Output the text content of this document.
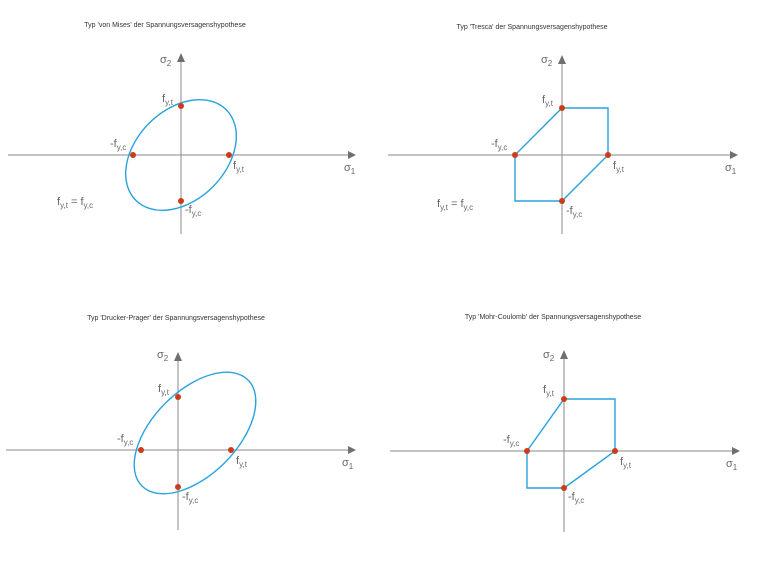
Typ 'von Mises' der Spannungsversagenshypothese
$\sigma_1$
$\sigma_2$
$f_{y,t}$
$f_{y,t}$
$-f_{y,c}$
$-f_{y,c}$
$f_{y,t} = f_{y,c}$
Typ 'Tresca' der Spannungsversagenshypothese
$\sigma_1$
$\sigma_2$
$f_{y,t}$
$f_{y,t}$
$-f_{y,c}$
$-f_{y,c}$
$f_{y,t} = f_{y,c}$
Typ 'Drucker-Prager' der Spannungsversagenshypothese
$\sigma_1$
$\sigma_2$
$f_{y,t}$
$f_{y,t}$
$-f_{y,c}$
$-f_{y,c}$
Typ 'Mohr-Coulomb' der Spannungsversagenshypothese
$\sigma_1$
$\sigma_2$
$f_{y,t}$
$f_{y,t}$
$-f_{y,c}$
$-f_{y,c}$
